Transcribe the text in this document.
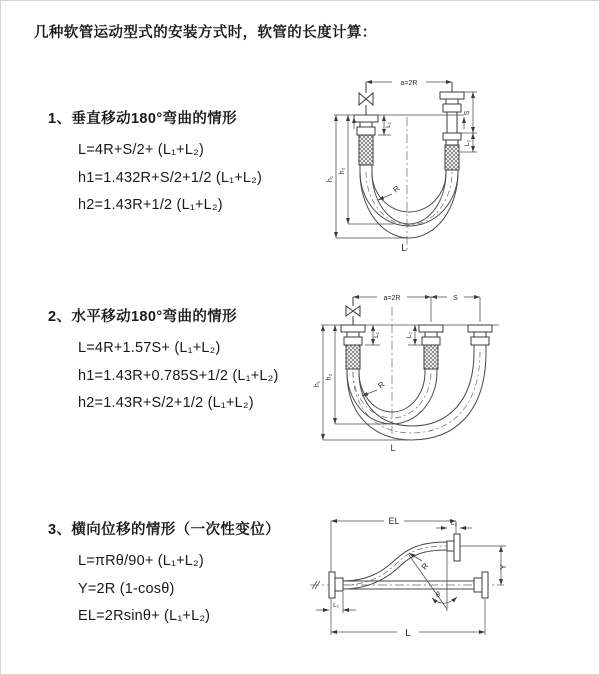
几种软管运动型式的安装方式时，软管的长度计算：
1、垂直移动180°弯曲的情形
L=4R+S/2+ (L₁+L₂)
h1=1.432R+S/2+1/2 (L₁+L₂)
h2=1.43R+1/2 (L₁+L₂)
2、水平移动180°弯曲的情形
L=4R+1.57S+ (L₁+L₂)
h1=1.43R+0.785S+1/2 (L₁+L₂)
h2=1.43R+S/2+1/2 (L₁+L₂)
3、横向位移的情形（一次性变位）
L=πRθ/90+ (L₁+L₂)
Y=2R (1-cosθ)
EL=2Rsinθ+ (L₁+L₂)
a=2R
h₁
h₂
L₁
S
L₂
R
L
a=2R	S
h₁
h₂
L₁	L₂
R
L
θ
R
EL	L₂
Y
L₁
L
